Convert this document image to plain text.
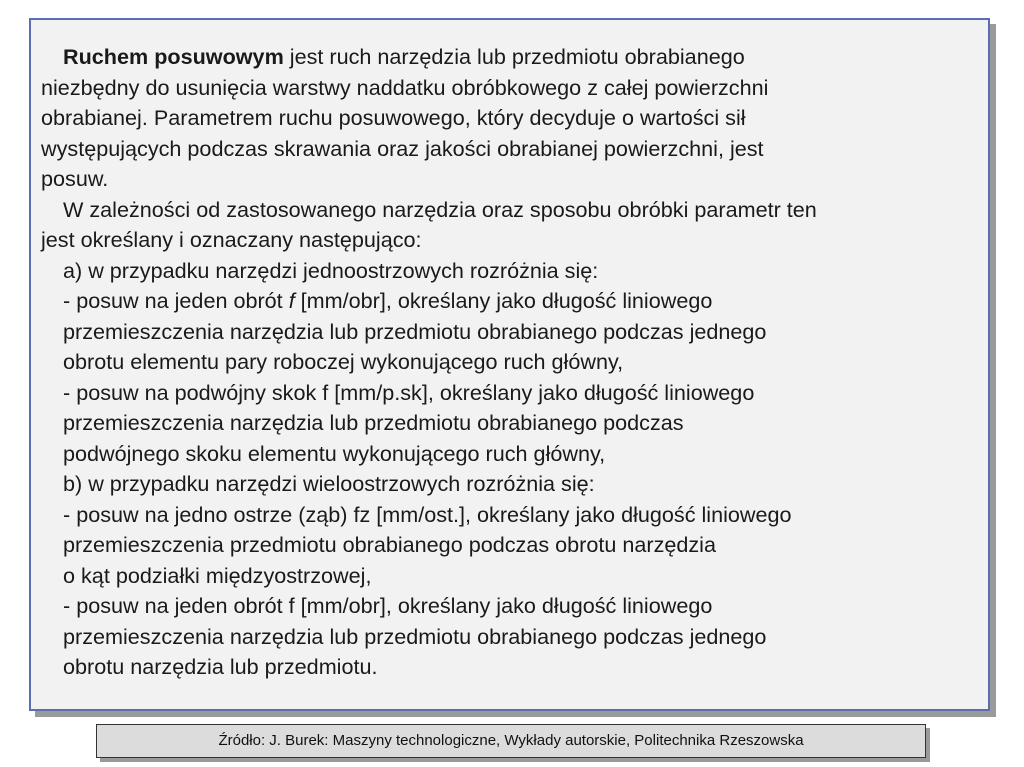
Ruchem posuwowym jest ruch narzędzia lub przedmiotu obrabianego
niezbędny do usunięcia warstwy naddatku obróbkowego z całej powierzchni
obrabianej. Parametrem ruchu posuwowego, który decyduje o wartości sił
występujących podczas skrawania oraz jakości obrabianej powierzchni, jest
posuw.
W zależności od zastosowanego narzędzia oraz sposobu obróbki parametr ten
jest określany i oznaczany następująco:
a) w przypadku narzędzi jednoostrzowych rozróżnia się:
- posuw na jeden obrót f [mm/obr], określany jako długość liniowego
przemieszczenia narzędzia lub przedmiotu obrabianego podczas jednego
obrotu elementu pary roboczej wykonującego ruch główny,
- posuw na podwójny skok f [mm/p.sk], określany jako długość liniowego
przemieszczenia narzędzia lub przedmiotu obrabianego podczas
podwójnego skoku elementu wykonującego ruch główny,
b) w przypadku narzędzi wieloostrzowych rozróżnia się:
- posuw na jedno ostrze (ząb) fz [mm/ost.], określany jako długość liniowego
przemieszczenia przedmiotu obrabianego podczas obrotu narzędzia
o kąt podziałki międzyostrzowej,
- posuw na jeden obrót f [mm/obr], określany jako długość liniowego
przemieszczenia narzędzia lub przedmiotu obrabianego podczas jednego
obrotu narzędzia lub przedmiotu.
Źródło: J. Burek: Maszyny technologiczne, Wykłady autorskie, Politechnika Rzeszowska
